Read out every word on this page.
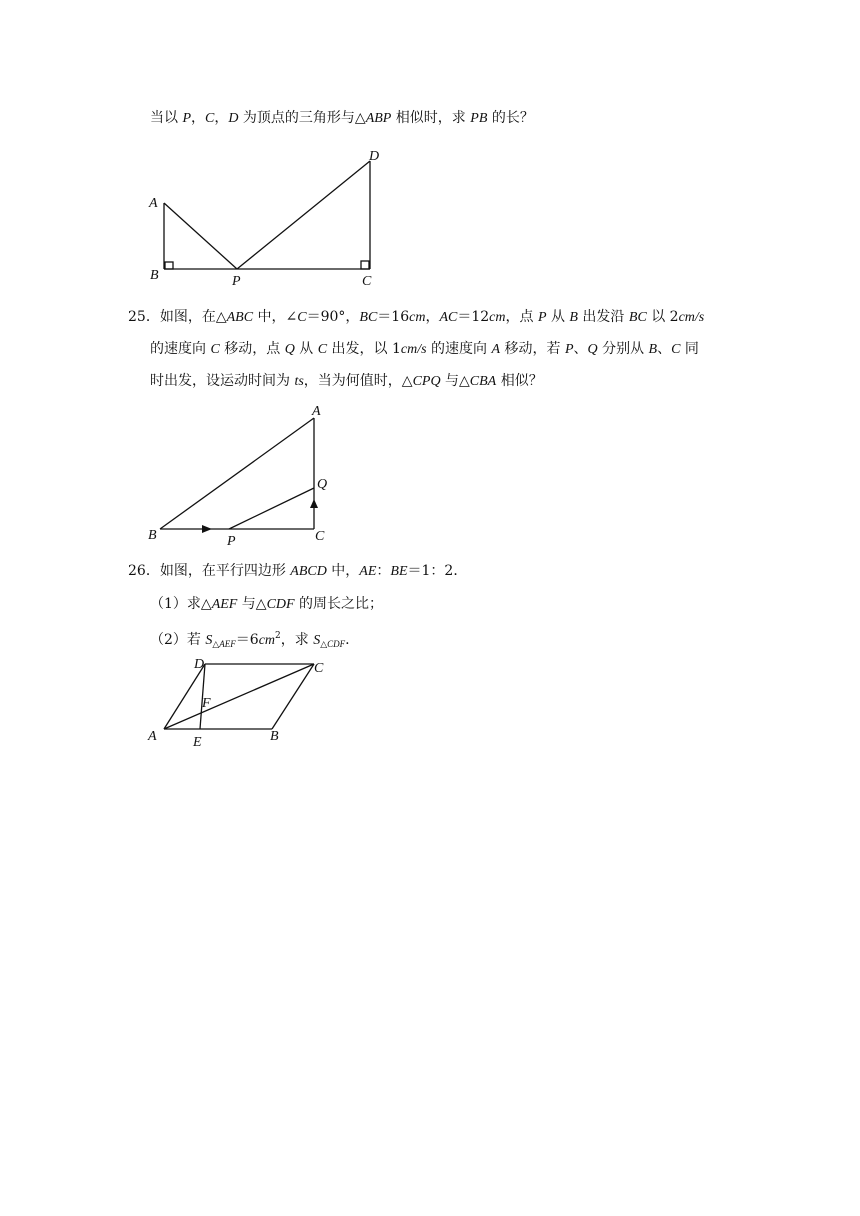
当以 P，C，D 为顶点的三角形与△ABP 相似时，求 PB 的长？
A
B	P	C
D
25．如图，在△ABC 中，∠C＝90°，BC＝16cm，AC＝12cm，点 P 从 B 出发沿 BC 以 2cm/s
的速度向 C 移动，点 Q 从 C 出发，以 1cm/s 的速度向 A 移动，若 P、Q 分别从 B、C 同
时出发，设运动时间为 ts，当为何值时，△CPQ 与△CBA 相似？
A
B	P	C
Q
26．如图，在平行四边形 ABCD 中，AE：BE＝1：2．
（1）求△AEF 与△CDF 的周长之比；
（2）若 $S_{\triangle AEF}=6cm^2$，求 $S_{\triangle CDF}$.
A	B
C
D
E
F
